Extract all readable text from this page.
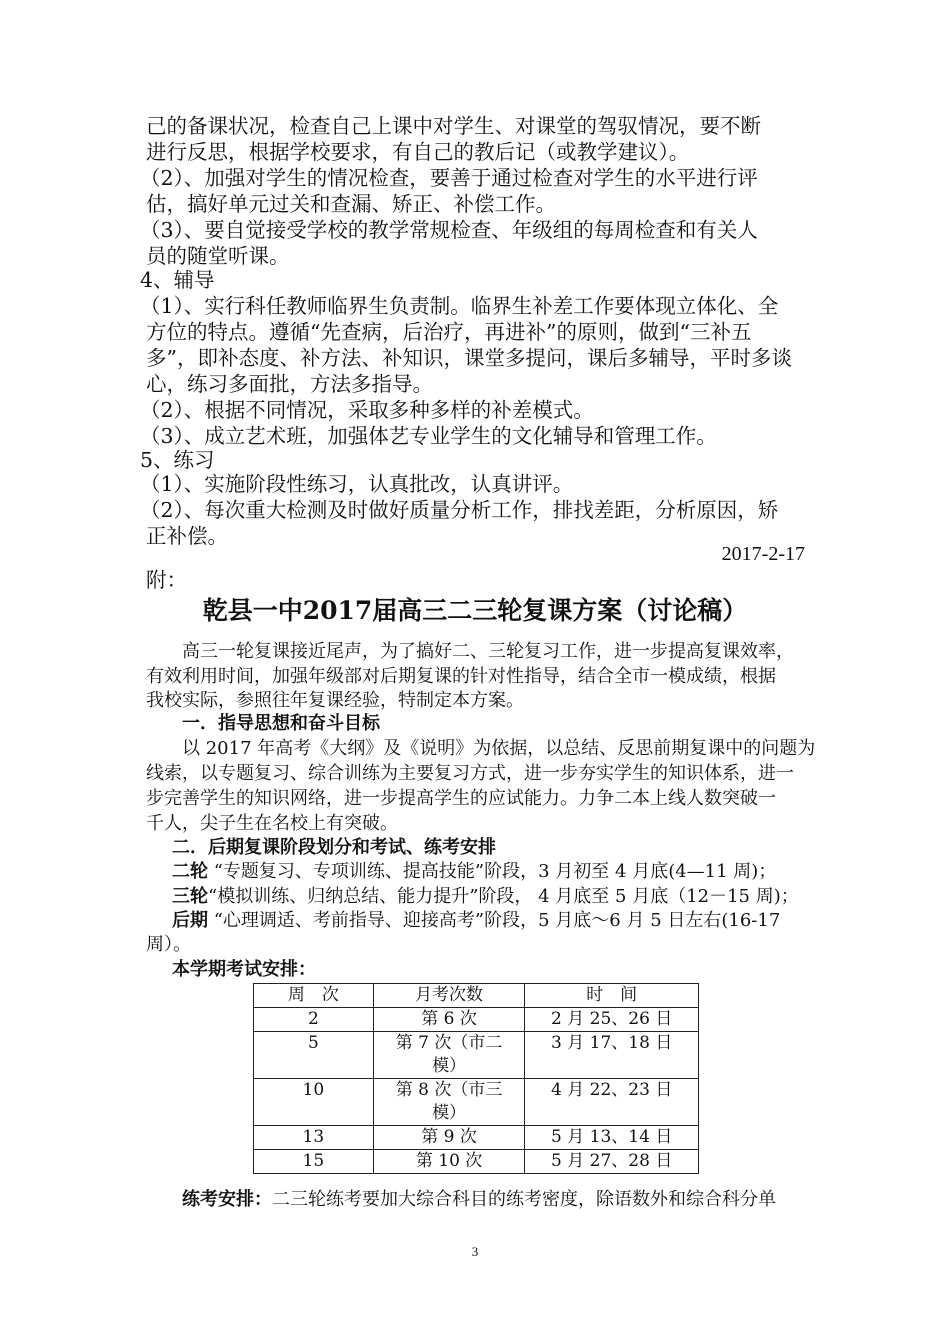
己的备课状况，检查自己上课中对学生、对课堂的驾驭情况，要不断
进行反思，根据学校要求，有自己的教后记（或教学建议）。
（2）、加强对学生的情况检查，要善于通过检查对学生的水平进行评
估，搞好单元过关和查漏、矫正、补偿工作。
（3）、要自觉接受学校的教学常规检查、年级组的每周检查和有关人
员的随堂听课。
4、辅导
（1）、实行科任教师临界生负责制。临界生补差工作要体现立体化、全
方位的特点。遵循“先查病，后治疗，再进补”的原则，做到“三补五
多”，即补态度、补方法、补知识，课堂多提问，课后多辅导，平时多谈
心，练习多面批，方法多指导。
（2）、根据不同情况，采取多种多样的补差模式。
（3）、成立艺术班，加强体艺专业学生的文化辅导和管理工作。
5、练习
（1）、实施阶段性练习，认真批改，认真讲评。
（2）、每次重大检测及时做好质量分析工作，排找差距，分析原因，矫
正补偿。
2017-2-17
附：
乾县一中2017届高三二三轮复课方案（讨论稿）
高三一轮复课接近尾声，为了搞好二、三轮复习工作，进一步提高复课效率，
有效利用时间，加强年级部对后期复课的针对性指导，结合全市一模成绩，根据
我校实际，参照往年复课经验，特制定本方案。
一．指导思想和奋斗目标
以 2017 年高考《大纲》及《说明》为依据，以总结、反思前期复课中的问题为
线索，以专题复习、综合训练为主要复习方式，进一步夯实学生的知识体系，进一
步完善学生的知识网络，进一步提高学生的应试能力。力争二本上线人数突破一
千人，尖子生在名校上有突破。
二．后期复课阶段划分和考试、练考安排
二轮 “专题复习、专项训练、提高技能”阶段，3 月初至 4 月底(4—11 周)；
三轮“模拟训练、归纳总结、能力提升”阶段， 4 月底至 5 月底（12－15 周)；
后期 “心理调适、考前指导、迎接高考”阶段，5 月底～6 月 5 日左右(16-17
周）。
本学期考试安排：
周　次	月考次数	时　间
2	第 6 次	2 月 25、26 日
5	第 7 次（市二
模）	3 月 17、18 日
10	第 8 次（市三
模）	4 月 22、23 日
13	第 9 次	5 月 13、14 日
15	第 10 次	5 月 27、28 日
练考安排：二三轮练考要加大综合科目的练考密度，除语数外和综合科分单
3
